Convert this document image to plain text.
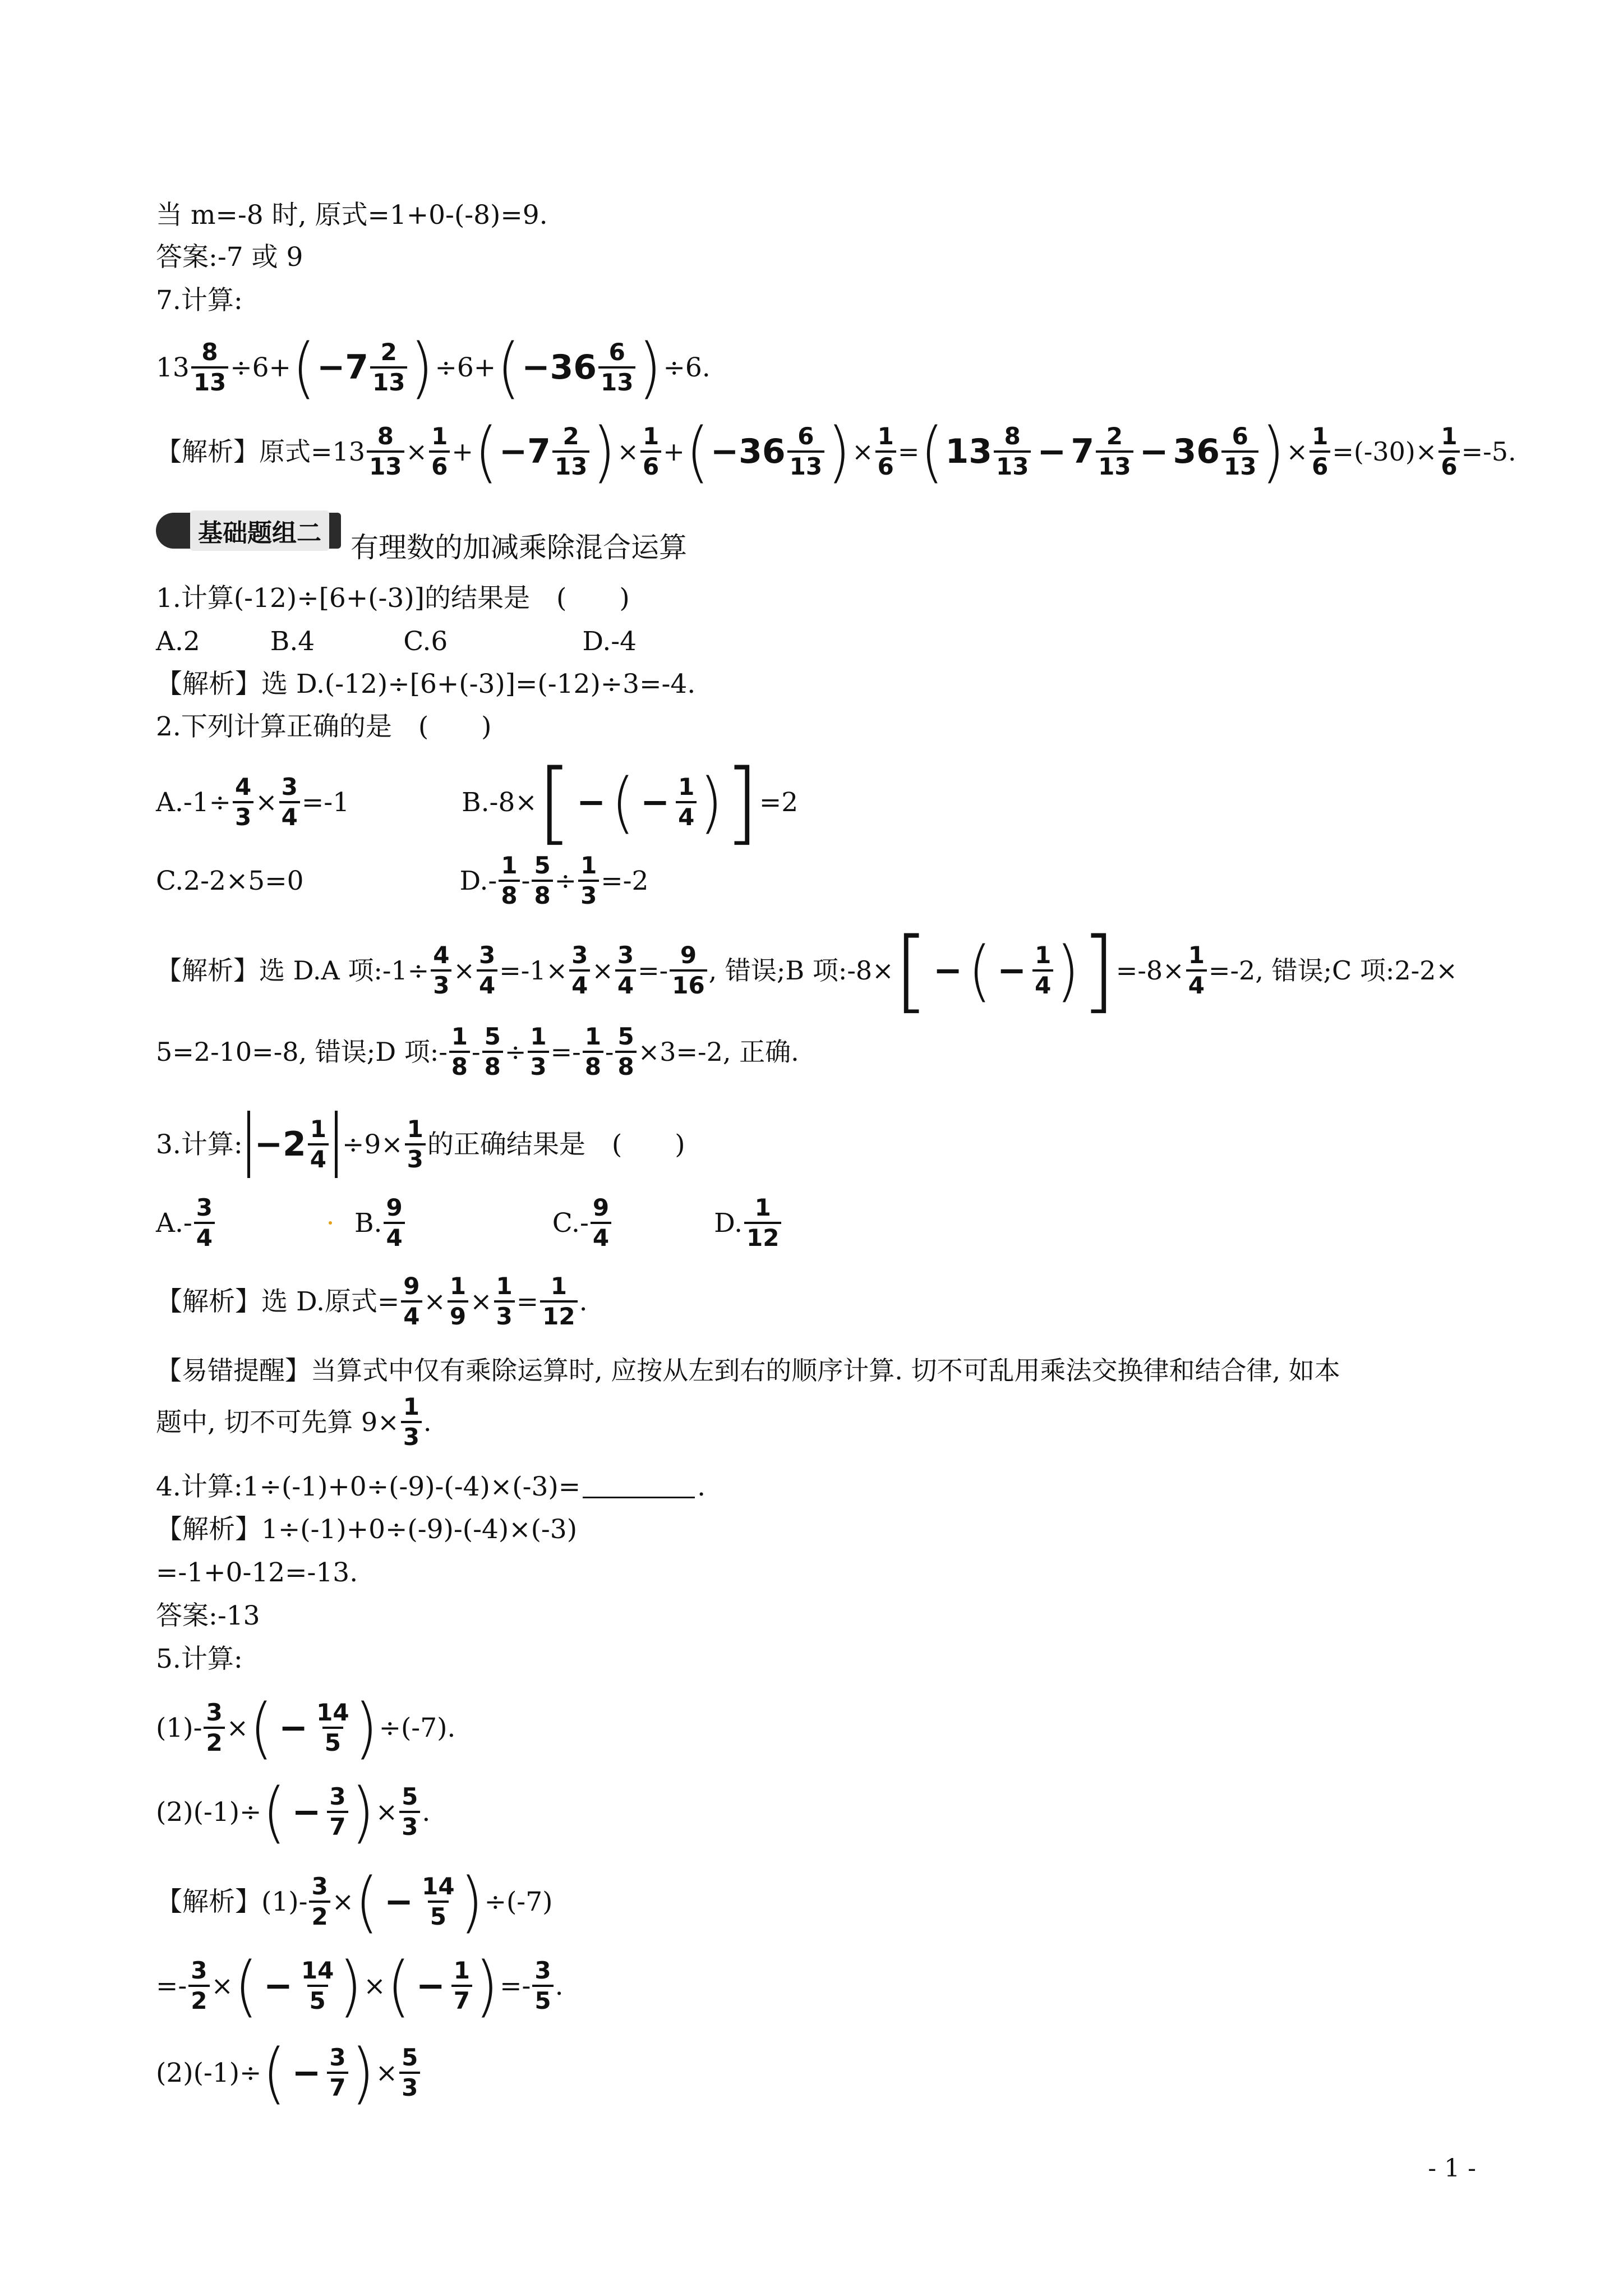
当 m=-8 时, 原式=1+0-(-8)=9.
答案:-7 或 9
7.计算:
$13 \frac{8}{13} \div 6+$ ( $-7 \frac{2}{13}$ ) ÷6+ ( $-36 \frac{6}{13}$ ) ÷6.
【解析】原式$=13 \frac{8}{13} \times \frac{1}{6}$ + ( $-7 \frac{2}{13}$ ) × $\frac{1}{6}$ + ( $-36 \frac{6}{13}$ ) × $\frac{1}{6}$ = ( $13 \frac{8}{13} - 7 \frac{2}{13} - 36 \frac{6}{13}$ ) × $\frac{1}{6} =(-30)\times \frac{1}{6} =-5$.
基础题组二 有理数的加减乘除混合运算
1.计算(-12)÷[6+(-3)]的结果是　(　　)
A.2	B.4	C.6	D.-4
【解析】选 D.(-12)÷[6+(-3)]=(-12)÷3=-4.
2.下列计算正确的是　(　　)
$A.-1\div \frac{4}{3} \times \frac{3}{4} =-1$	B.-8× [ − ( − $\frac{1}{4}$ ) ] =2
C.2-2×5=0	$D.- \frac{1}{8} - \frac{5}{8} \div \frac{1}{3} =-2$
【解析】选 D.A 项:-1÷ $\frac{4}{3} \times \frac{3}{4} =-1\times \frac{3}{4} \times \frac{3}{4} =- \frac{9}{16}$ , 错误;B 项:-8× [ − ( − $\frac{1}{4}$ ) ] $=-8\times \frac{1}{4} =-2$, 错误;C 项:2-2×
5=2-10=-8, 错误;D 项:- $\frac{1}{8} - \frac{5}{8} \div \frac{1}{3} =- \frac{1}{8} - \frac{5}{8} \times 3=-2$, 正确.
3.计算: $-2 \frac{1}{4} \div 9\times \frac{1}{3}$ 的正确结果是　(　　)
$A.- \frac{3}{4}$	B. $\frac{9}{4}$	$C.- \frac{9}{4}$	D. $\frac{1}{12}$
【解析】选 D.原式= $\frac{9}{4} \times \frac{1}{9} \times \frac{1}{3} = \frac{1}{12}$ .
【易错提醒】当算式中仅有乘除运算时, 应按从左到右的顺序计算. 切不可乱用乘法交换律和结合律, 如本
题中, 切不可先算 $9\times \frac{1}{3}$ .
4.计算:1÷(-1)+0÷(-9)-(-4)×(-3)=	.
【解析】1÷(-1)+0÷(-9)-(-4)×(-3)
=-1+0-12=-13.
答案:-13
5.计算:
$(1)- \frac{3}{2}$ × ( − $\frac{14}{5}$ ) ÷(-7).
(2)(-1)÷ ( − $\frac{3}{7}$ ) × $\frac{5}{3}$ .
【解析】$(1)- \frac{3}{2}$ × ( − $\frac{14}{5}$ ) ÷(-7)
=- $\frac{3}{2}$ × ( − $\frac{14}{5}$ ) × ( − $\frac{1}{7}$ ) =- $\frac{3}{5}$ .
(2)(-1)÷ ( − $\frac{3}{7}$ ) × $\frac{5}{3}$
- 1 -
